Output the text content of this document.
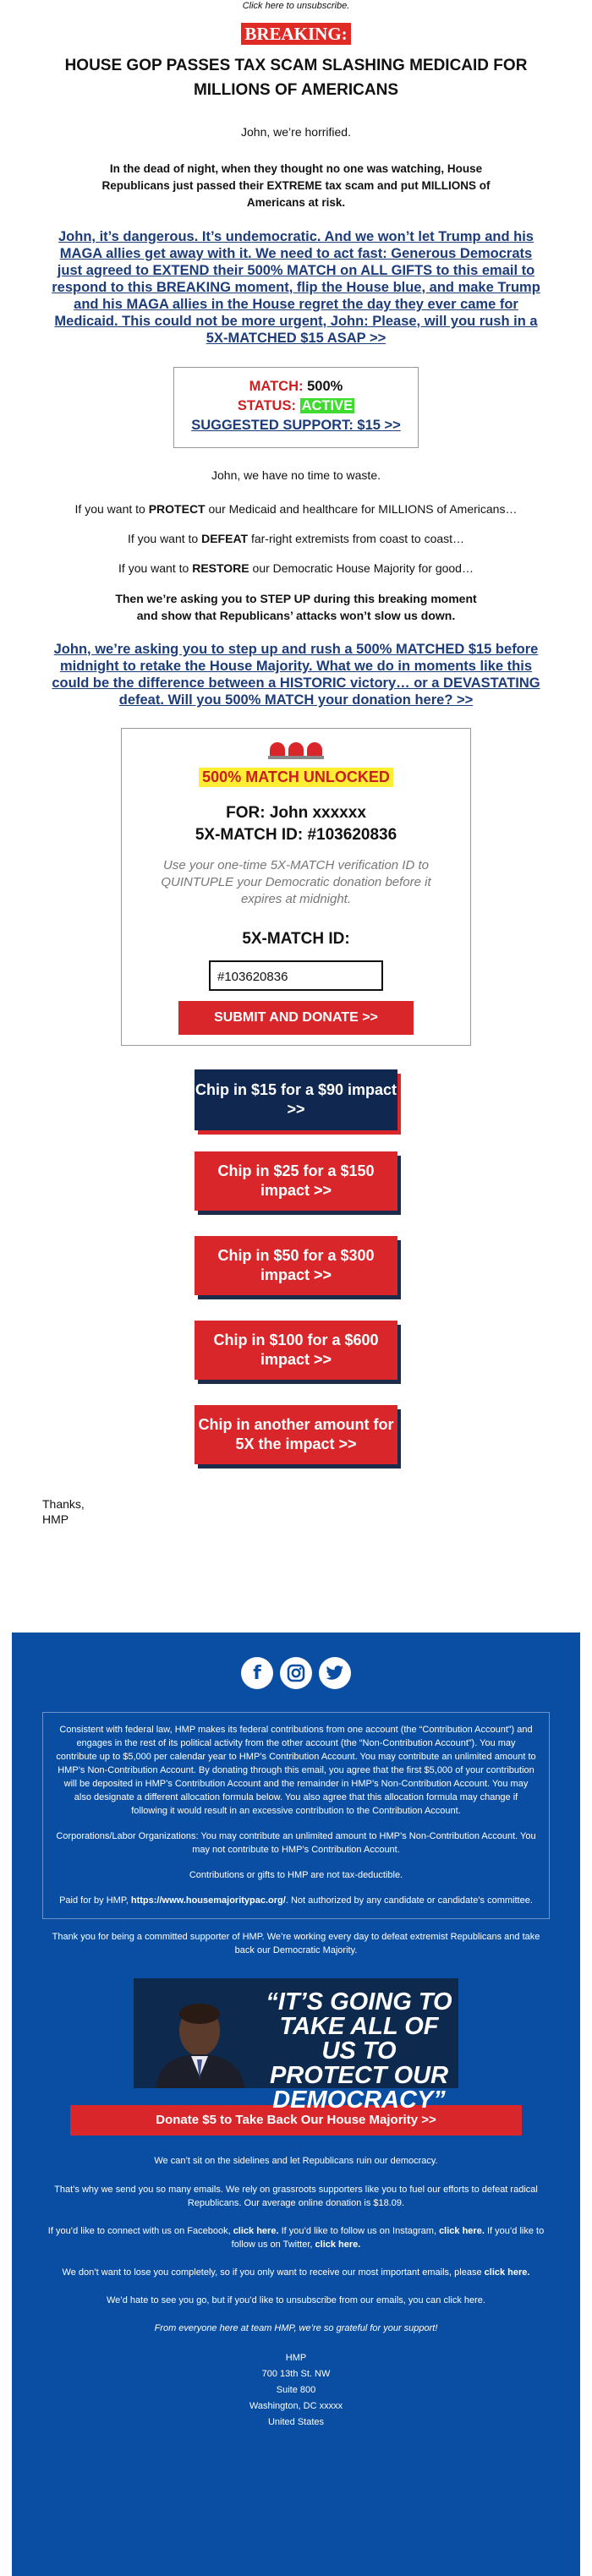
Click here to unsubscribe.
BREAKING:
HOUSE GOP PASSES TAX SCAM SLASHING MEDICAID FOR MILLIONS OF AMERICANS

John, we’re horrified.

In the dead of night, when they thought no one was watching, House Republicans just passed their EXTREME tax scam and put MILLIONS of Americans at risk.

John, it’s dangerous. It’s undemocratic. And we won’t let Trump and his MAGA allies get away with it. We need to act fast: Generous Democrats just agreed to EXTEND their 500% MATCH on ALL GIFTS to this email to respond to this BREAKING moment, flip the House blue, and make Trump and his MAGA allies in the House regret the day they ever came for Medicaid. This could not be more urgent, John: Please, will you rush in a 5X-MATCHED $15 ASAP >>

MATCH: 500%
STATUS: ACTIVE
SUGGESTED SUPPORT: $15 >>

John, we have no time to waste.

If you want to PROTECT our Medicaid and healthcare for MILLIONS of Americans…

If you want to DEFEAT far-right extremists from coast to coast…

If you want to RESTORE our Democratic House Majority for good…

Then we’re asking you to STEP UP during this breaking moment and show that Republicans’ attacks won’t slow us down.

John, we’re asking you to step up and rush a 500% MATCHED $15 before midnight to retake the House Majority. What we do in moments like this could be the difference between a HISTORIC victory… or a DEVASTATING defeat. Will you 500% MATCH your donation here? >>

500% MATCH UNLOCKED
FOR: John xxxxxx
5X-MATCH ID: #103620836
Use your one-time 5X-MATCH verification ID to QUINTUPLE your Democratic donation before it expires at midnight.
5X-MATCH ID:
#103620836
SUBMIT AND DONATE >>
Chip in $15 for a $90 impact >>
Chip in $25 for a $150 impact >>
Chip in $50 for a $300 impact >>
Chip in $100 for a $600 impact >>
Chip in another amount for 5X the impact >>
Thanks,
HMP
f

Consistent with federal law, HMP makes its federal contributions from one account (the “Contribution Account”) and engages in the rest of its political activity from the other account (the “Non-Contribution Account”). You may contribute up to $5,000 per calendar year to HMP’s Contribution Account. You may contribute an unlimited amount to HMP’s Non-Contribution Account. By donating through this email, you agree that the first $5,000 of your contribution will be deposited in HMP’s Contribution Account and the remainder in HMP’s Non-Contribution Account. You may also designate a different allocation formula below. You also agree that this allocation formula may change if following it would result in an excessive contribution to the Contribution Account.

Corporations/Labor Organizations: You may contribute an unlimited amount to HMP’s Non-Contribution Account. You may not contribute to HMP’s Contribution Account.

Contributions or gifts to HMP are not tax-deductible.

Paid for by HMP, https://www.housemajoritypac.org/. Not authorized by any candidate or candidate’s committee.

Thank you for being a committed supporter of HMP. We’re working every day to defeat extremist Republicans and take back our Democratic Majority.

“IT’S GOING TO TAKE ALL OF US TO PROTECT OUR DEMOCRACY”
Donate $5 to Take Back Our House Majority >>

We can’t sit on the sidelines and let Republicans ruin our democracy.

That’s why we send you so many emails. We rely on grassroots supporters like you to fuel our efforts to defeat radical Republicans. Our average online donation is $18.09.

If you’d like to connect with us on Facebook, click here. If you’d like to follow us on Instagram, click here. If you’d like to follow us on Twitter, click here.

We don’t want to lose you completely, so if you only want to receive our most important emails, please click here.

We’d hate to see you go, but if you’d like to unsubscribe from our emails, you can click here.

From everyone here at team HMP, we’re so grateful for your support!

HMP
700 13th St. NW
Suite 800
Washington, DC xxxxx
United States
